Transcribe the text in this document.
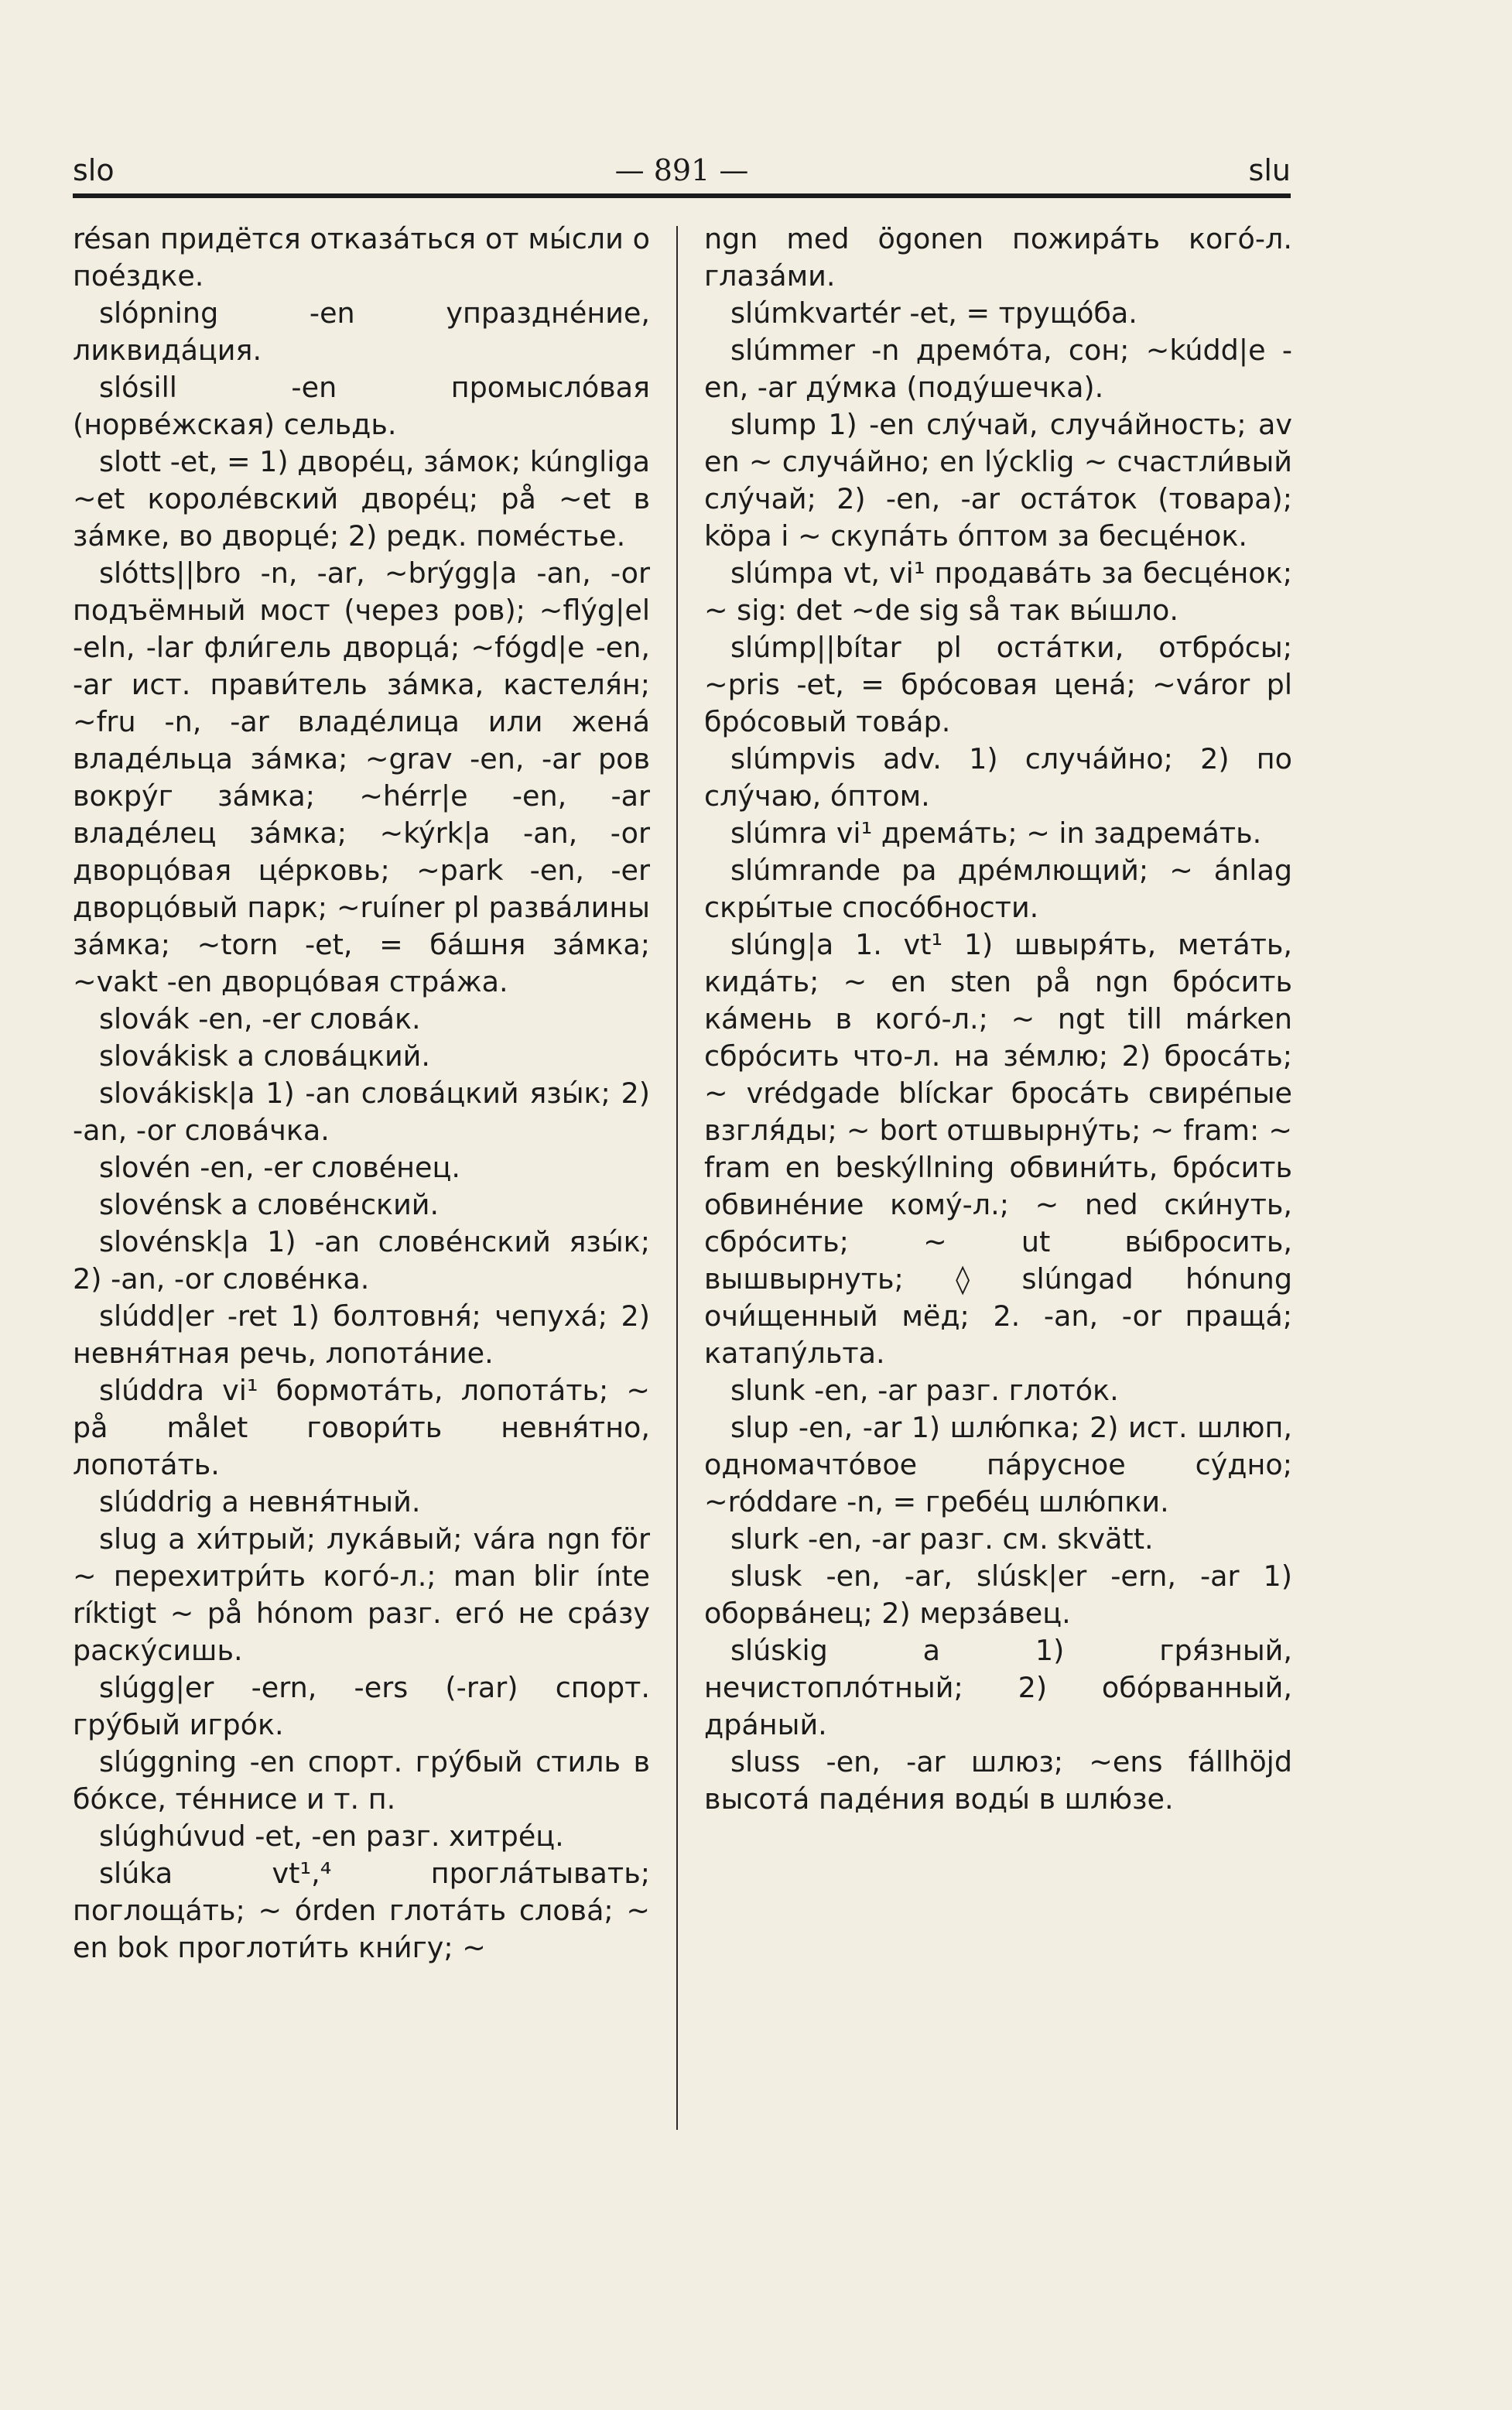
slo	— 891 —	slu

résan придётся отказа́ться от мы́сли о поéздке.

slópning -en упразднéние, ликвида́ция.

slósill -en промысло́вая (норвéжская) сельдь.

slott -et, = 1) дворéц, за́мок; kúngliga ~et королéвский дворéц; på ~et в за́мке, во дворцé; 2) редк. помéстье.

slótts||bro -n, -ar, ~brýgg|a -an, -or подъёмный мост (через ров); ~flýg|el -eln, -lar фли́гель дворца́; ~fógd|e -en, -ar ист. прави́тель за́мка, кастеля́н; ~fru -n, -ar владéлица или жена́ владéльца за́мка; ~grav -en, -ar ров вокру́г за́мка; ~hérr|e -en, -ar владéлец за́мка; ~kýrk|a -an, -or дворцо́вая цéрковь; ~park -en, -er дворцо́вый парк; ~ruíner pl разва́лины за́мка; ~torn -et, = ба́шня за́мка; ~vakt -en дворцо́вая стра́жа.

slovák -en, -er слова́к.

slovákisk a слова́цкий.

slovákisk|a 1) -an слова́цкий язы́к; 2) -an, -or слова́чка.

slovén -en, -er словéнец.

slovénsk a словéнский.

slovénsk|a 1) -an словéнский язы́к; 2) -an, -or словéнка.

slúdd|er -ret 1) болтовня́; чепуха́; 2) невня́тная речь, лопота́ние.

slúddra vi¹ бормота́ть, лопота́ть; ~ på målet говори́ть невня́тно, лопота́ть.

slúddrig a невня́тный.

slug a хи́трый; лука́вый; vára ngn för ~ перехитри́ть кого́-л.; man blir ínte ríktigt ~ på hónom разг. его́ не сра́зу раску́сишь.

slúgg|er -ern, -ers (-rar) спорт. гру́бый игро́к.

slúggning -en спорт. гру́бый стиль в бо́ксе, тéннисе и т. п.

slúghúvud -et, -en разг. хитрéц.

slúka vt¹,⁴ прогла́тывать; поглоща́ть; ~ órden глота́ть слова́; ~ en bok проглоти́ть кни́гу; ~

ngn med ögonen пожира́ть кого́-л. глаза́ми.

slúmkvartér -et, = трущо́ба.

slúmmer -n дремо́та, сон; ~kúdd|e -en, -ar ду́мка (поду́шечка).

slump 1) -en слу́чай, случа́йность; av en ~ случа́йно; en lýcklig ~ счастли́вый слу́чай; 2) -en, -ar оста́ток (товара); köpa i ~ скупа́ть о́птом за бесцéнок.

slúmpa vt, vi¹ продава́ть за бесцéнок; ~ sig: det ~de sig så так вы́шло.

slúmp||bítar pl оста́тки, отбро́сы; ~pris -et, = бро́совая цена́; ~váror pl бро́совый това́р.

slúmpvis adv. 1) случа́йно; 2) по слу́чаю, о́птом.

slúmra vi¹ дрема́ть; ~ in задрема́ть.

slúmrande pa дрéмлющий; ~ ánlag скры́тые спосо́бности.

slúng|a 1. vt¹ 1) швыря́ть, мета́ть, кида́ть; ~ en sten på ngn бро́сить ка́мень в кого́-л.; ~ ngt till márken сбро́сить что-л. на зéмлю; 2) броса́ть; ~ vrédgade blíckar броса́ть свирéпые взгля́ды; ~ bort отшвырну́ть; ~ fram: ~ fram en beskýllning обвини́ть, бро́сить обвинéние кому́-л.; ~ ned ски́нуть, сбро́сить; ~ ut вы́бросить, вышвырнуть; ◊ slúngad hónung очи́щенный мёд; 2. -an, -or праща́; катапу́льта.

slunk -en, -ar разг. глото́к.

slup -en, -ar 1) шлю́пка; 2) ист. шлюп, одномачто́вое па́русное су́дно; ~róddare -n, = гребéц шлю́пки.

slurk -en, -ar разг. см. skvätt.

slusk -en, -ar, slúsk|er -ern, -ar 1) оборва́нец; 2) мерза́вец.

slúskig a 1) гря́зный, нечистопло́тный; 2) обо́рванный, дра́ный.

sluss -en, -ar шлюз; ~ens fállhöjd высота́ падéния воды́ в шлю́зе.
